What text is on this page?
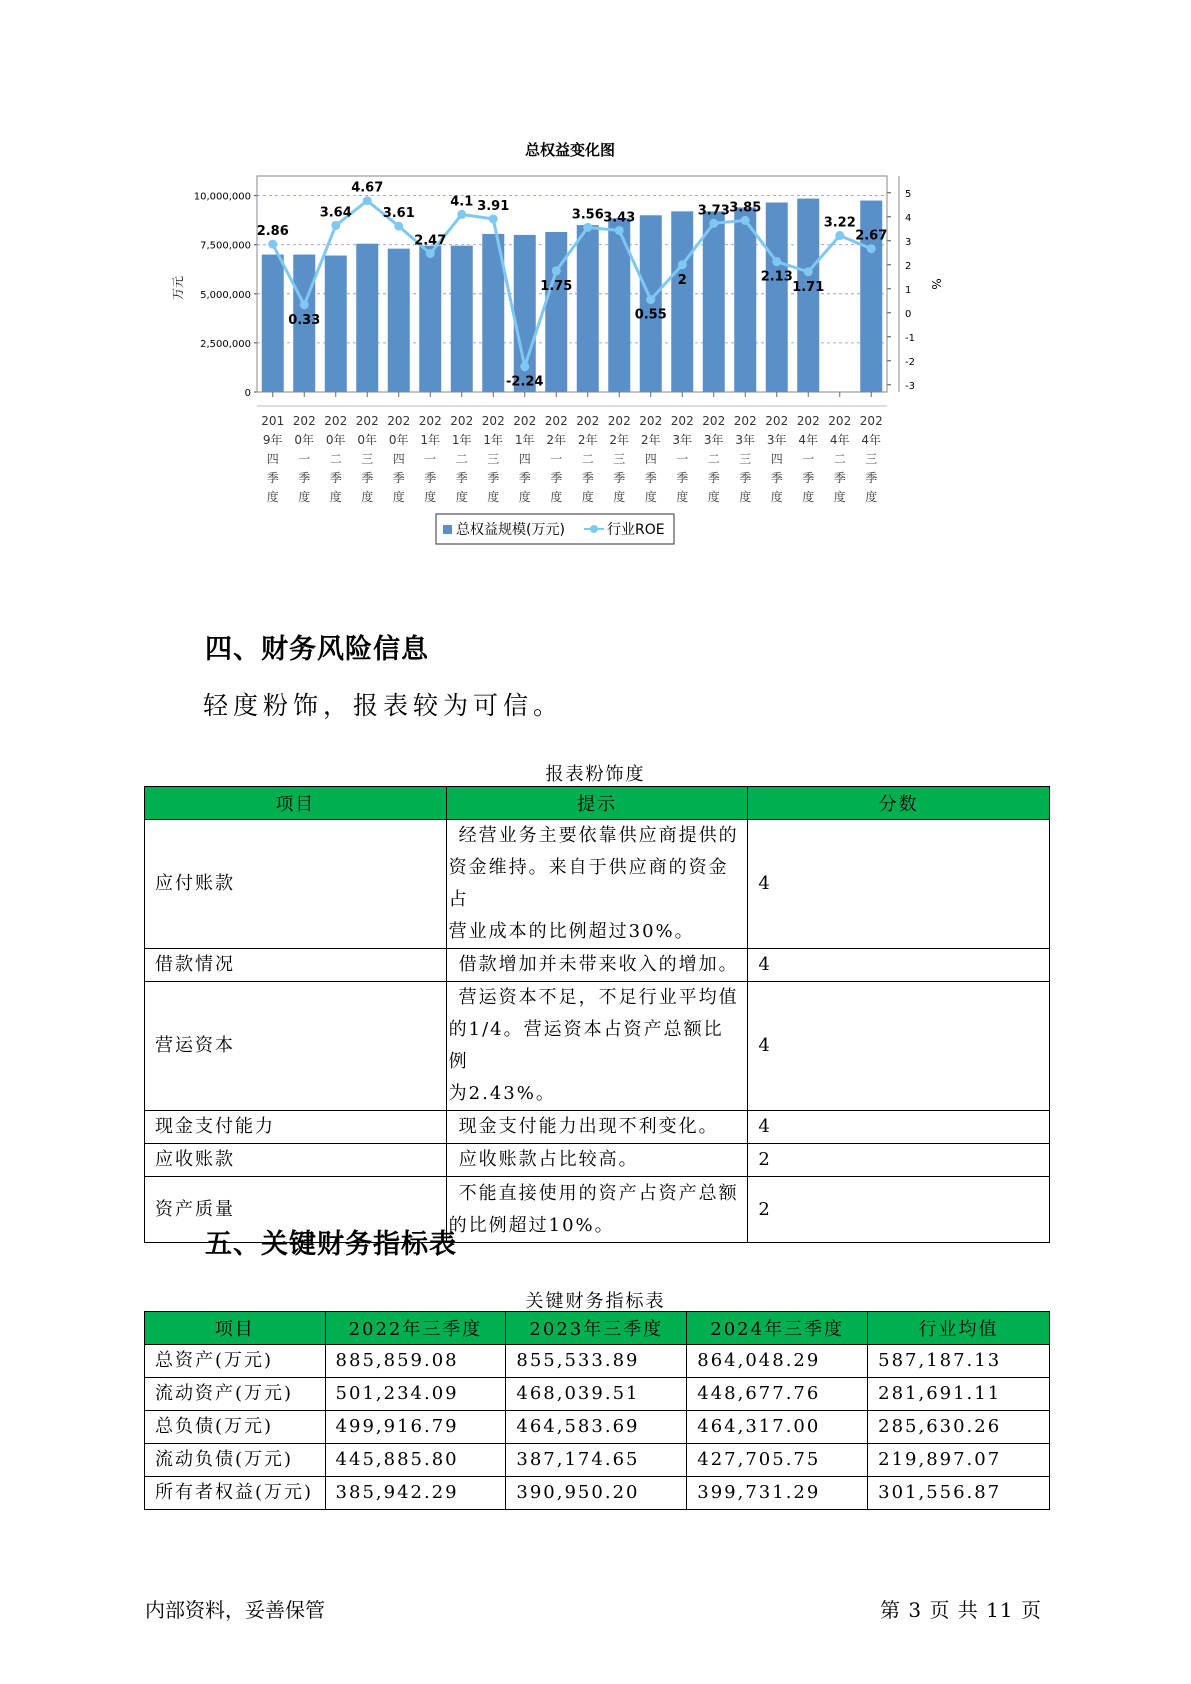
总权益变化图
0
2,500,000
5,000,000
7,500,000
10,000,000
-3
-2
-1
0
1
2
3
4
5
万元	%
2.86
0.33
3.64
4.67
3.61
2.47
4.1 3.91
-2.24
1.75
3.56 3.43
0.55
2
3.73 3.85
2.13
1.71
3.22
2.67
201
9年
四
季
度
202
0年
一
季
度
202
0年
二
季
度
202
0年
三
季
度
202
0年
四
季
度
202
1年
一
季
度
202
1年
二
季
度
202
1年
三
季
度
202
1年
四
季
度
202
2年
一
季
度
202
2年
二
季
度
202
2年
三
季
度
202
2年
四
季
度
202
3年
一
季
度
202
3年
二
季
度
202
3年
三
季
度
202
3年
四
季
度
202
4年
一
季
度
202
4年
二
季
度
202
4年
三
季
度
总权益规模(万元)	行业ROE
四、财务风险信息
轻度粉饰，报表较为可信。
报表粉饰度
项目	提示	分数
应付账款	经营业务主要依靠供应商提供的
资金维持。来自于供应商的资金占
营业成本的比例超过30%。	4
借款情况	借款增加并未带来收入的增加。	4
营运资本	营运资本不足，不足行业平均值
的1/4。营运资本占资产总额比例
为2.43%。	4
现金支付能力	现金支付能力出现不利变化。	4
应收账款	应收账款占比较高。	2
资产质量	不能直接使用的资产占资产总额
的比例超过10%。	2
五、关键财务指标表
关键财务指标表
项目	2022年三季度	2023年三季度	2024年三季度	行业均值
总资产(万元)	885,859.08	855,533.89	864,048.29	587,187.13
流动资产(万元)	501,234.09	468,039.51	448,677.76	281,691.11
总负债(万元)	499,916.79	464,583.69	464,317.00	285,630.26
流动负债(万元)	445,885.80	387,174.65	427,705.75	219,897.07
所有者权益(万元)	385,942.29	390,950.20	399,731.29	301,556.87
内部资料，妥善保管	第 3 页 共 11 页
